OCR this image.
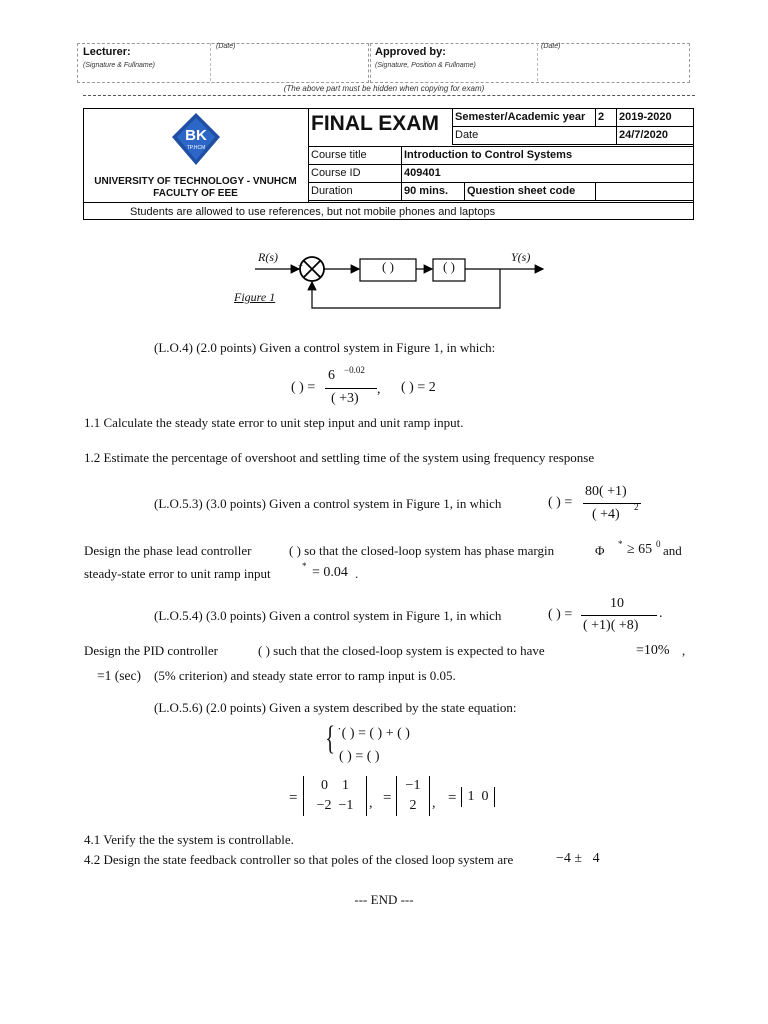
Lecturer:	(Date)
(Signature & Fullname)
Approved by:	(Date)
(Signature, Position & Fullname)
(The above part must be hidden when copying for exam)
BK
TP.HCM
UNIVERSITY OF TECHNOLOGY - VNUHCM
FACULTY OF EEE
FINAL EXAM Semester/Academic year	2	2019-2020
Date		24/7/2020
Course title	Introduction to Control Systems		
Course ID	409401		
Duration	90 mins.	Question sheet code	
Students are allowed to use references, but not mobile phones and laptops
R(s)	Y(s)
+
-
( )	( )
Figure 1
(L.O.4) (2.0 points) Given a control system in Figure 1, in which:
( ) =
6 −0.02
( +3)
, ( ) = 2
1.1 Calculate the steady state error to unit step input and unit ramp input.
1.2 Estimate the percentage of overshoot and settling time of the system using frequency response
(L.O.5.3) (3.0 points) Given a control system in Figure 1, in which	( ) =
80( +1)
( +4) 2
Design the phase lead controller	( ) so that the closed-loop system has phase margin	Φ * ≥ 65 0 and
steady-state error to unit ramp input	* = 0.04 .
(L.O.5.4) (3.0 points) Given a control system in Figure 1, in which	( ) =
10
( +1)( +8)
.
Design the PID controller	( ) such that the closed-loop system is expected to have	=10% ,
=1 (sec) (5% criterion) and steady state error to ramp input is 0.05.
(L.O.5.6) (2.0 points) Given a system described by the state equation:
{ ˙( ) = ( ) + ( )
( ) = ( )
=
0    1
−2  −1	, =
−1
2	, = 1  0
4.1 Verify the the system is controllable.
4.2 Design the state feedback controller so that poles of the closed loop system are	−4 ±   4
--- END ---
